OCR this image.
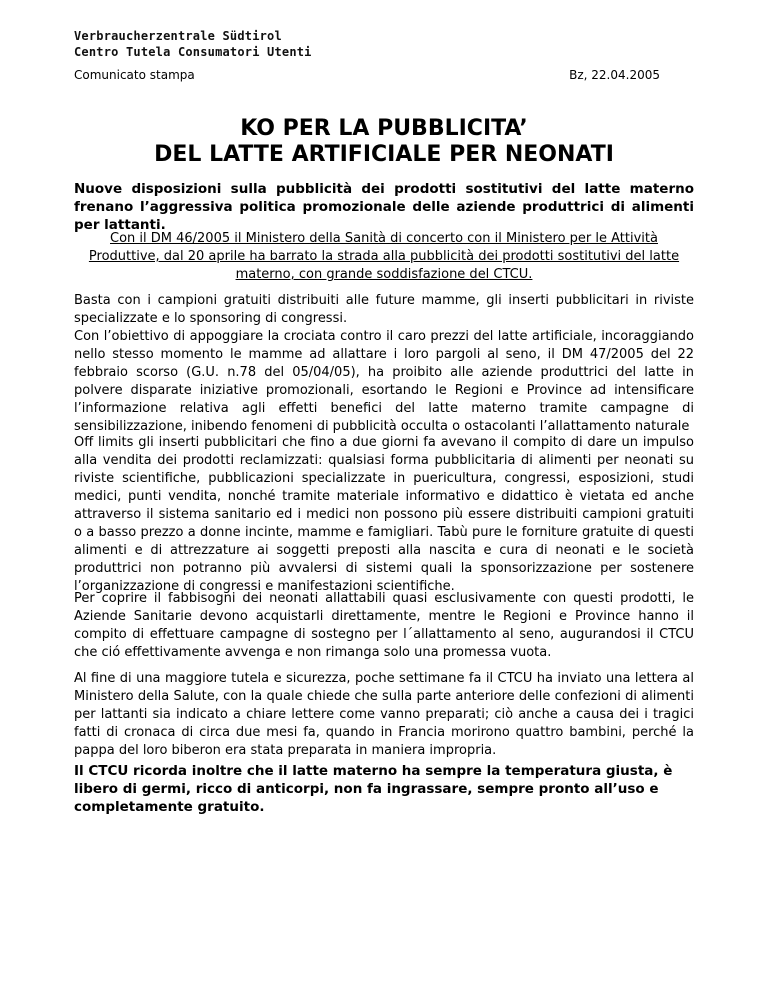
Verbraucherzentrale Südtirol
Centro Tutela Consumatori Utenti
Comunicato stampa	Bz, 22.04.2005
KO PER LA PUBBLICITA’
DEL LATTE ARTIFICIALE PER NEONATI

Nuove disposizioni sulla pubblicità dei prodotti sostitutivi del latte materno frenano l’aggressiva politica promozionale delle aziende produttrici di alimenti per lattanti.

Con il DM 46/2005 il Ministero della Sanità di concerto con il Ministero per le Attività Produttive, dal 20 aprile ha barrato la strada alla pubblicità dei prodotti sostitutivi del latte materno, con grande soddisfazione del CTCU.

Basta con i campioni gratuiti distribuiti alle future mamme, gli inserti pubblicitari in riviste specializzate e lo sponsoring di congressi.

Con l’obiettivo di appoggiare la crociata contro il caro prezzi del latte artificiale, incoraggiando nello stesso momento le mamme ad allattare i loro pargoli al seno, il DM 47/2005 del 22 febbraio scorso (G.U. n.78 del 05/04/05), ha proibito alle aziende produttrici del latte in polvere disparate iniziative promozionali, esortando le Regioni e Province ad intensificare l’informazione relativa agli effetti benefici del latte materno tramite campagne di sensibilizzazione, inibendo fenomeni di pubblicità occulta o ostacolanti l’allattamento naturale

Off limits gli inserti pubblicitari che fino a due giorni fa avevano il compito di dare un impulso alla vendita dei prodotti reclamizzati: qualsiasi forma pubblicitaria di alimenti per neonati su riviste scientifiche, pubblicazioni specializzate in puericultura, congressi, esposizioni, studi medici, punti vendita, nonché tramite materiale informativo e didattico è vietata ed anche attraverso il sistema sanitario ed i medici non possono più essere distribuiti campioni gratuiti o a basso prezzo a donne incinte, mamme e famigliari. Tabù pure le forniture gratuite di questi alimenti e di attrezzature ai soggetti preposti alla nascita e cura di neonati e le società produttrici non potranno più avvalersi di sistemi quali la sponsorizzazione per sostenere l’organizzazione di congressi e manifestazioni scientifiche.

Per coprire il fabbisogni dei neonati allattabili quasi esclusivamente con questi prodotti, le Aziende Sanitarie devono acquistarli direttamente, mentre le Regioni e Province hanno il compito di effettuare campagne di sostegno per l´allattamento al seno, augurandosi il CTCU che ció effettivamente avvenga e non rimanga solo una promessa vuota.

Al fine di una maggiore tutela e sicurezza, poche settimane fa il CTCU ha inviato una lettera al Ministero della Salute, con la quale chiede che sulla parte anteriore delle confezioni di alimenti per lattanti sia indicato a chiare lettere come vanno preparati; ciò anche a causa dei i tragici fatti di cronaca di circa due mesi fa, quando in Francia morirono quattro bambini, perché la pappa del loro biberon era stata preparata in maniera impropria.

Il CTCU ricorda inoltre che il latte materno ha sempre la temperatura giusta, è libero di germi, ricco di anticorpi, non fa ingrassare, sempre pronto all’uso e completamente gratuito.
